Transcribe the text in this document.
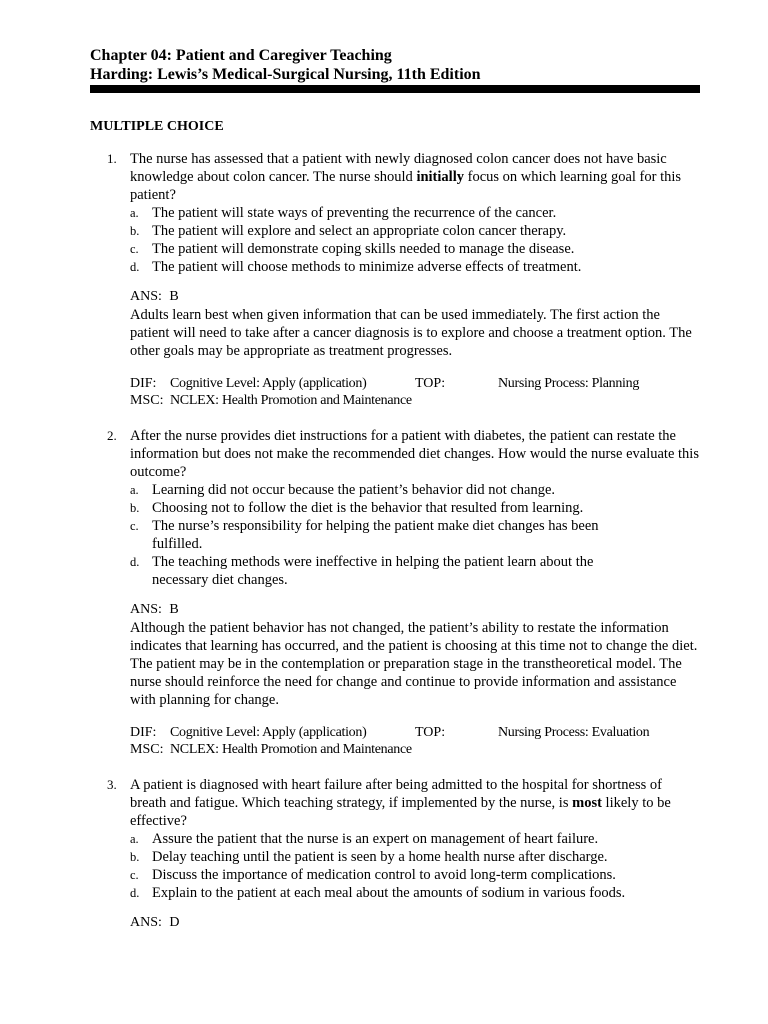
Chapter 04: Patient and Caregiver Teaching
Harding: Lewis’s Medical-Surgical Nursing, 11th Edition
MULTIPLE CHOICE
1. The nurse has assessed that a patient with newly diagnosed colon cancer does not have basic knowledge about colon cancer. The nurse should initially focus on which learning goal for this patient?
a. The patient will state ways of preventing the recurrence of the cancer.
b. The patient will explore and select an appropriate colon cancer therapy.
c. The patient will demonstrate coping skills needed to manage the disease.
d. The patient will choose methods to minimize adverse effects of treatment.
ANS: B
Adults learn best when given information that can be used immediately. The first action the patient will need to take after a cancer diagnosis is to explore and choose a treatment option. The other goals may be appropriate as treatment progresses.
DIF: Cognitive Level: Apply (application)	TOP:	Nursing Process: Planning
MSC: NCLEX: Health Promotion and Maintenance
2. After the nurse provides diet instructions for a patient with diabetes, the patient can restate the information but does not make the recommended diet changes. How would the nurse evaluate this outcome?
a. Learning did not occur because the patient’s behavior did not change.
b. Choosing not to follow the diet is the behavior that resulted from learning.
c. The nurse’s responsibility for helping the patient make diet changes has been fulfilled.
d. The teaching methods were ineffective in helping the patient learn about the necessary diet changes.
ANS: B
Although the patient behavior has not changed, the patient’s ability to restate the information indicates that learning has occurred, and the patient is choosing at this time not to change the diet. The patient may be in the contemplation or preparation stage in the transtheoretical model. The nurse should reinforce the need for change and continue to provide information and assistance with planning for change.
DIF: Cognitive Level: Apply (application)	TOP:	Nursing Process: Evaluation
MSC: NCLEX: Health Promotion and Maintenance
3. A patient is diagnosed with heart failure after being admitted to the hospital for shortness of breath and fatigue. Which teaching strategy, if implemented by the nurse, is most likely to be effective?
a. Assure the patient that the nurse is an expert on management of heart failure.
b. Delay teaching until the patient is seen by a home health nurse after discharge.
c. Discuss the importance of medication control to avoid long-term complications.
d. Explain to the patient at each meal about the amounts of sodium in various foods.
ANS: D
